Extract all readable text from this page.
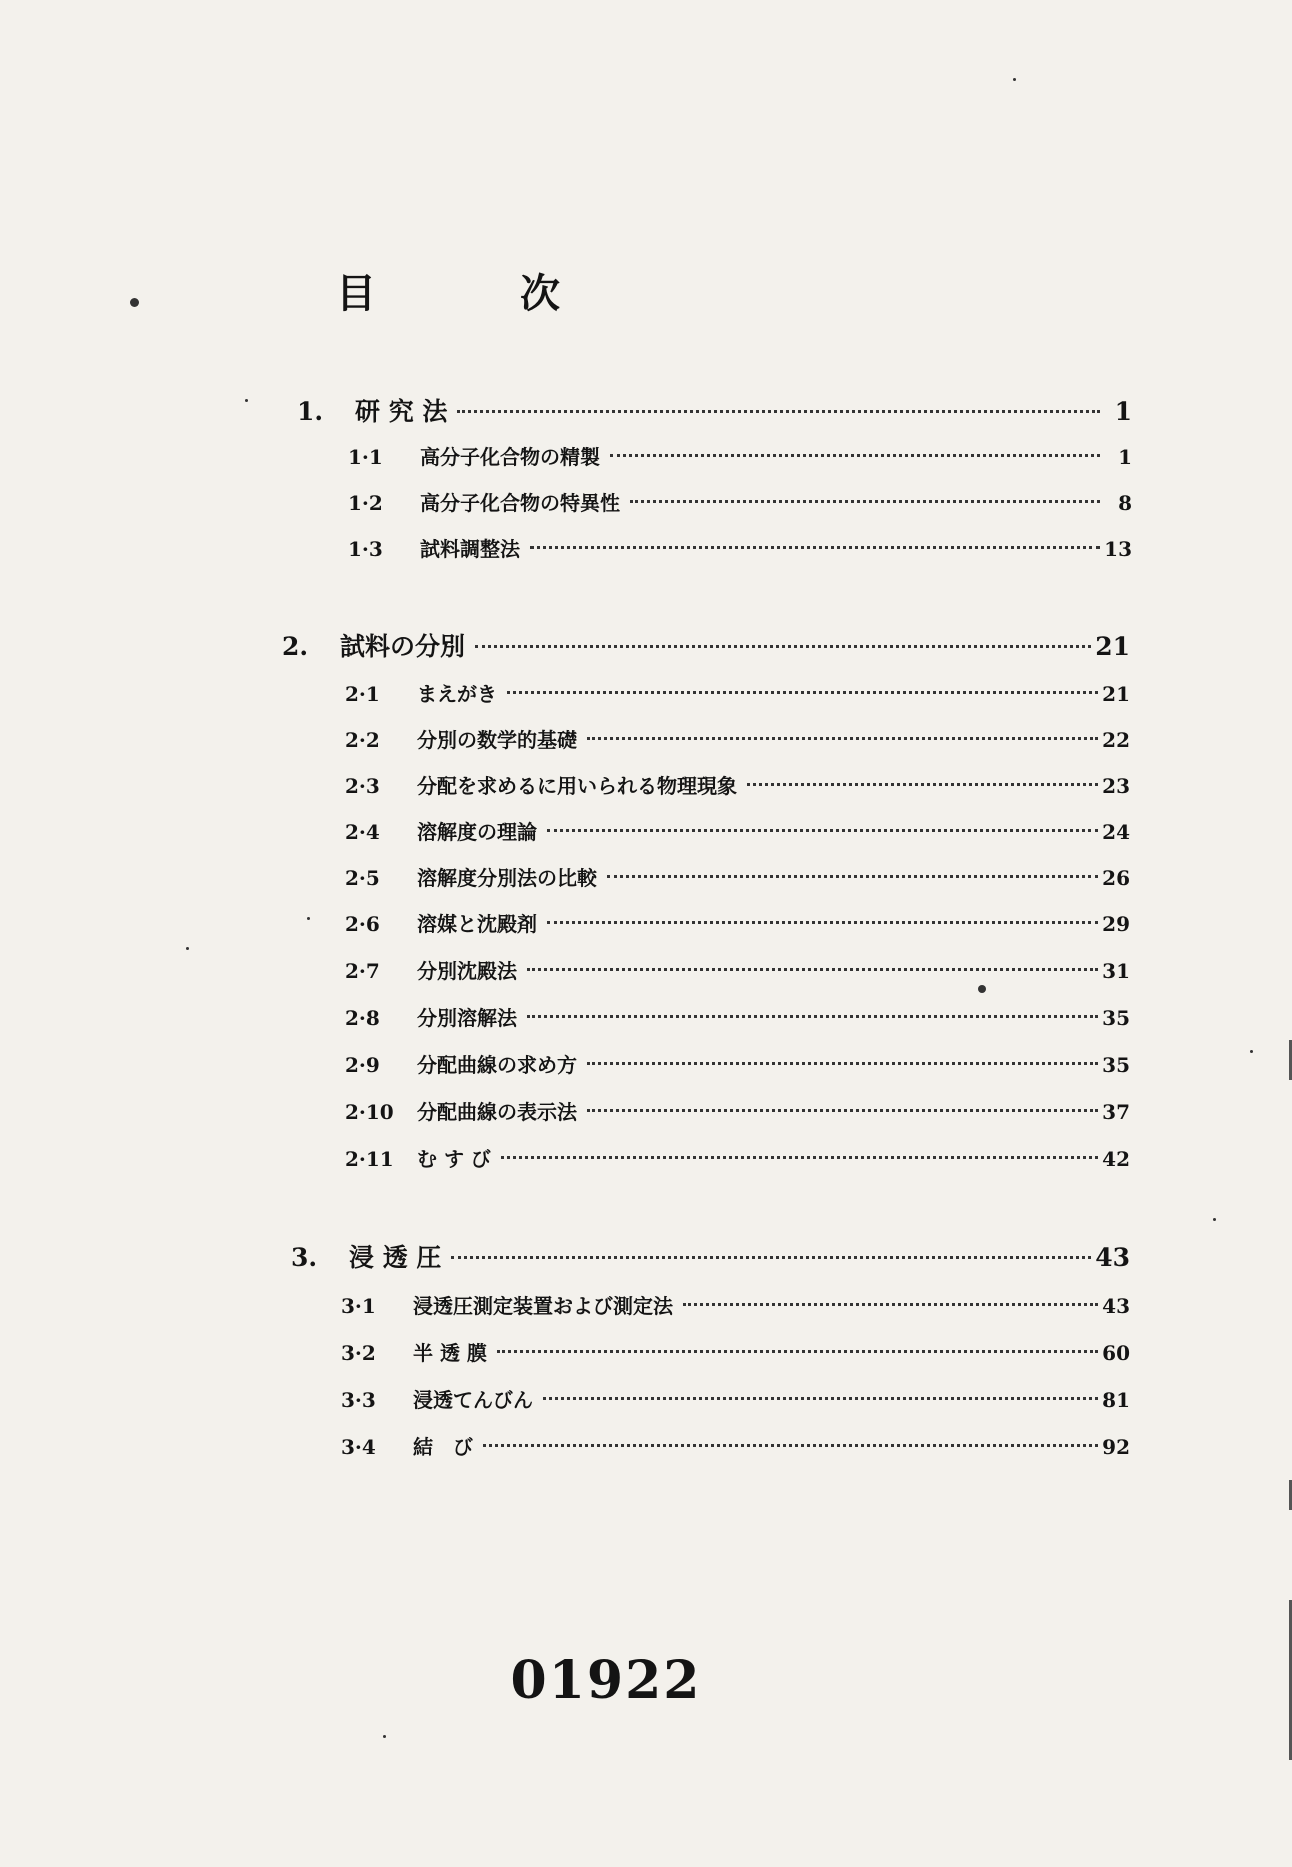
目	次
1.	研 究 法	1
1·1	高分子化合物の精製	1
1·2	高分子化合物の特異性	8
1·3	試料調整法	13
2.	試料の分別	21
2·1	まえがき	21
2·2	分別の数学的基礎	22
2·3	分配を求めるに用いられる物理現象	23
2·4	溶解度の理論	24
2·5	溶解度分別法の比較	26
2·6	溶媒と沈殿剤	29
2·7	分別沈殿法	31
2·8	分別溶解法	35
2·9	分配曲線の求め方	35
2·10	分配曲線の表示法	37
2·11	む す び	42
3.	浸 透 圧	43
3·1	浸透圧測定装置および測定法	43
3·2	半 透 膜	60
3·3	浸透てんびん	81
3·4	結　び	92
01922
